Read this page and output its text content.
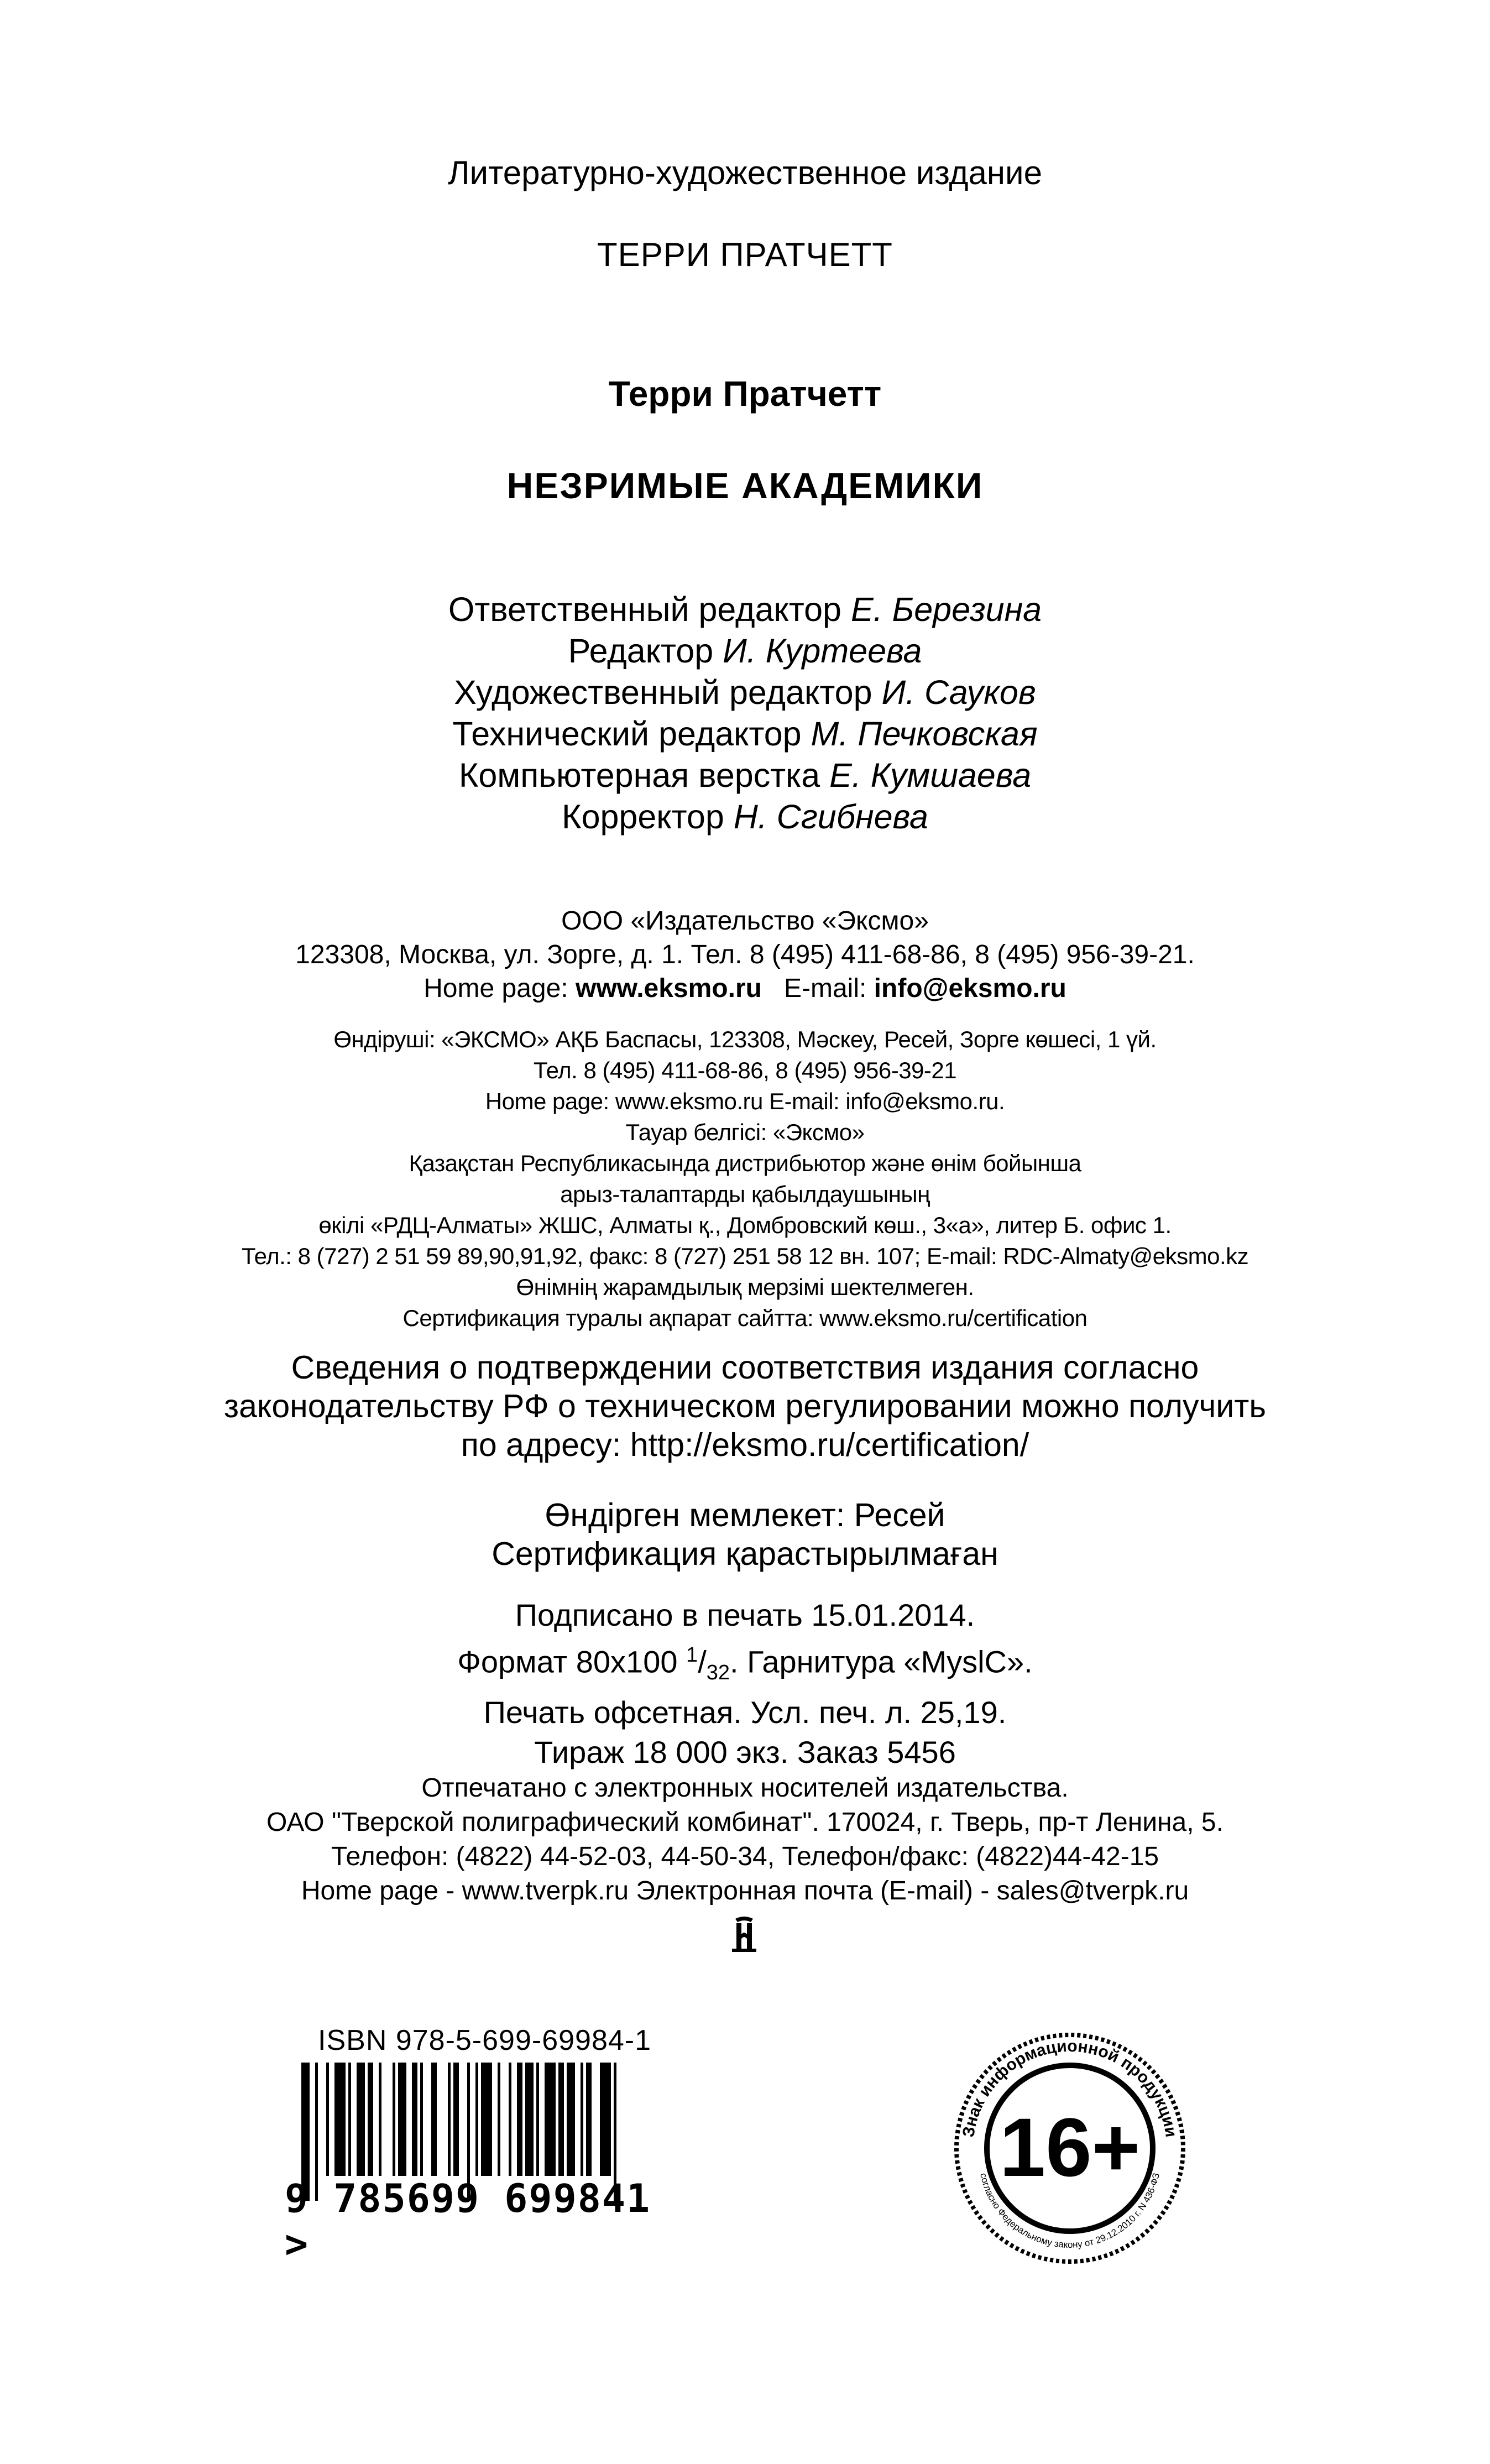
Литературно-художественное издание
ТЕРРИ ПРАТЧЕТТ
Терри Пратчетт
НЕЗРИМЫЕ АКАДЕМИКИ
Ответственный редактор Е. Березина
Редактор И. Куртеева
Художественный редактор И. Сауков
Технический редактор М. Печковская
Компьютерная верстка Е. Кумшаева
Корректор Н. Сгибнева
ООО «Издательство «Эксмо»
123308, Москва, ул. Зорге, д. 1. Тел. 8 (495) 411-68-86, 8 (495) 956-39-21.
Home page: www.eksmo.ru E-mail: info@eksmo.ru
Өндіруші: «ЭКСМО» АҚБ Баспасы, 123308, Мәскеу, Ресей, Зорге көшесі, 1 үй.
Тел. 8 (495) 411-68-86, 8 (495) 956-39-21
Home page: www.eksmo.ru E-mail: info@eksmo.ru.
Тауар белгісі: «Эксмо»
Қазақстан Республикасында дистрибьютор және өнім бойынша
арыз-талаптарды қабылдаушының
өкілі «РДЦ-Алматы» ЖШС, Алматы қ., Домбровский көш., 3«а», литер Б. офис 1.
Тел.: 8 (727) 2 51 59 89,90,91,92, факс: 8 (727) 251 58 12 вн. 107; E-mail: RDC-Almaty@eksmo.kz
Өнімнің жарамдылық мерзімі шектелмеген.
Сертификация туралы ақпарат сайтта: www.eksmo.ru/certification
Сведения о подтверждении соответствия издания согласно
законодательству РФ о техническом регулировании можно получить
по адресу: http://eksmo.ru/certification/
Өндірген мемлекет: Ресей
Сертификация қарастырылмаған
Подписано в печать 15.01.2014.
Формат 80x100 $^1/_{32}$. Гарнитура «MyslC».
Печать офсетная. Усл. печ. л. 25,19.
Тираж 18 000 экз. Заказ 5456
Отпечатано с электронных носителей издательства.
ОАО "Тверской полиграфический комбинат". 170024, г. Тверь, пр-т Ленина, 5.
Телефон: (4822) 44-52-03, 44-50-34, Телефон/факс: (4822)44-42-15
Home page - www.tverpk.ru Электронная почта (E-mail) - sales@tverpk.ru
ISBN 978-5-699-69984-1
9 785699 699841 >
Знак информационной продукции
согласно Федеральному закону от 29.12.2010 г. N 436-ФЗ
16+
